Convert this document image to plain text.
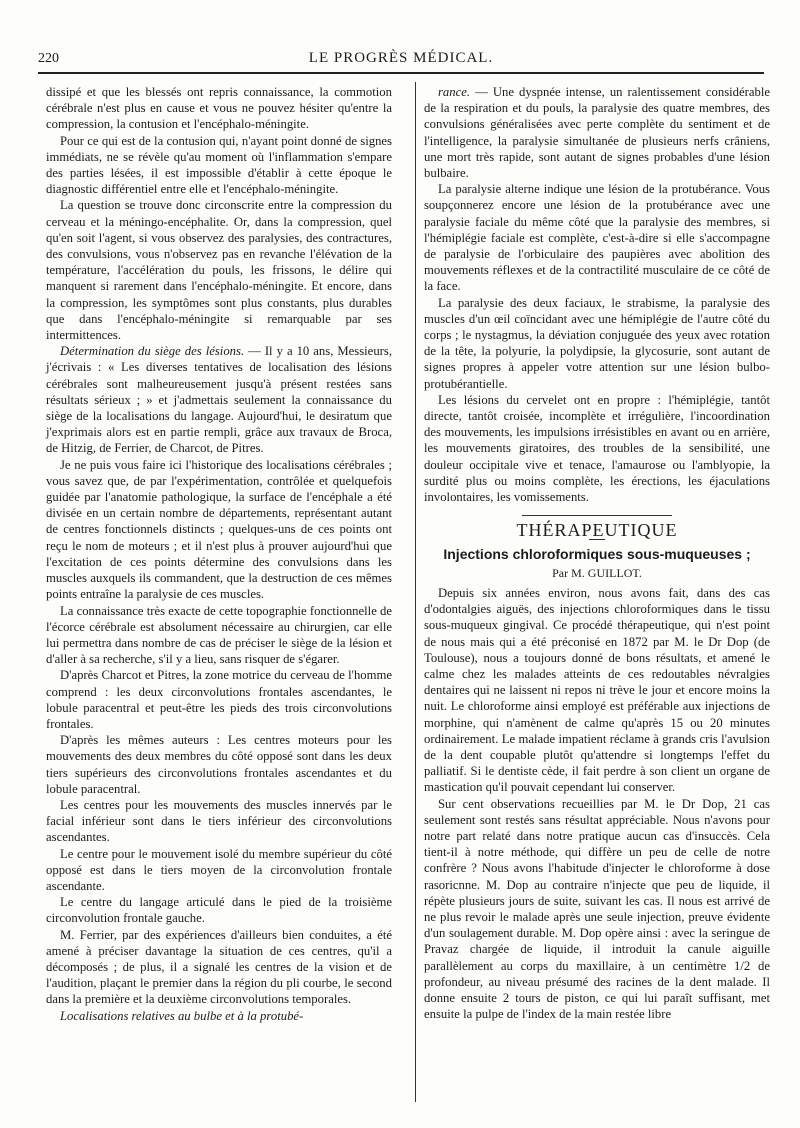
220	LE PROGRÈS MÉDICAL.

dissipé et que les blessés ont repris connaissance, la commotion cérébrale n'est plus en cause et vous ne pouvez hésiter qu'entre la compression, la contusion et l'encéphalo-méningite.

Pour ce qui est de la contusion qui, n'ayant point donné de signes immédiats, ne se révèle qu'au moment où l'inflammation s'empare des parties lésées, il est impossible d'établir à cette époque le diagnostic différentiel entre elle et l'encéphalo-méningite.

La question se trouve donc circonscrite entre la compression du cerveau et la méningo-encéphalite. Or, dans la compression, quel qu'en soit l'agent, si vous observez des paralysies, des contractures, des convulsions, vous n'observez pas en revanche l'élévation de la température, l'accélération du pouls, les frissons, le délire qui manquent si rarement dans l'encéphalo-méningite. Et encore, dans la compression, les symptômes sont plus constants, plus durables que dans l'encéphalo-méningite si remarquable par ses intermittences.

Détermination du siège des lésions. — Il y a 10 ans, Messieurs, j'écrivais : « Les diverses tentatives de localisation des lésions cérébrales sont malheureusement jusqu'à présent restées sans résultats sérieux ; » et j'admettais seulement la connaissance du siège de la localisations du langage. Aujourd'hui, le desiratum que j'exprimais alors est en partie rempli, grâce aux travaux de Broca, de Hitzig, de Ferrier, de Charcot, de Pitres.

Je ne puis vous faire ici l'historique des localisations cérébrales ; vous savez que, de par l'expérimentation, contrôlée et quelquefois guidée par l'anatomie pathologique, la surface de l'encéphale a été divisée en un certain nombre de départements, représentant autant de centres fonctionnels distincts ; quelques-uns de ces points ont reçu le nom de moteurs ; et il n'est plus à prouver aujourd'hui que l'excitation de ces points détermine des convulsions dans les muscles auxquels ils commandent, que la destruction de ces mêmes points entraîne la paralysie de ces muscles.

La connaissance très exacte de cette topographie fonctionnelle de l'écorce cérébrale est absolument nécessaire au chirurgien, car elle lui permettra dans nombre de cas de préciser le siège de la lésion et d'aller à sa recherche, s'il y a lieu, sans risquer de s'égarer.

D'après Charcot et Pitres, la zone motrice du cerveau de l'homme comprend : les deux circonvolutions frontales ascendantes, le lobule paracentral et peut-être les pieds des trois circonvolutions frontales.

D'après les mêmes auteurs : Les centres moteurs pour les mouvements des deux membres du côté opposé sont dans les deux tiers supérieurs des circonvolutions frontales ascendantes et du lobule paracentral.

Les centres pour les mouvements des muscles innervés par le facial inférieur sont dans le tiers inférieur des circonvolutions ascendantes.

Le centre pour le mouvement isolé du membre supérieur du côté opposé est dans le tiers moyen de la circonvolution frontale ascendante.

Le centre du langage articulé dans le pied de la troisième circonvolution frontale gauche.

M. Ferrier, par des expériences d'ailleurs bien conduites, a été amené à préciser davantage la situation de ces centres, qu'il a décomposés ; de plus, il a signalé les centres de la vision et de l'audition, plaçant le premier dans la région du pli courbe, le second dans la première et la deuxième circonvolutions temporales.

Localisations relatives au bulbe et à la protubé-

rance. — Une dyspnée intense, un ralentissement considérable de la respiration et du pouls, la paralysie des quatre membres, des convulsions généralisées avec perte complète du sentiment et de l'intelligence, la paralysie simultanée de plusieurs nerfs crâniens, une mort très rapide, sont autant de signes probables d'une lésion bulbaire.

La paralysie alterne indique une lésion de la protubérance. Vous soupçonnerez encore une lésion de la protubérance avec une paralysie faciale du même côté que la paralysie des membres, si l'hémiplégie faciale est complète, c'est-à-dire si elle s'accompagne de paralysie de l'orbiculaire des paupières avec abolition des mouvements réflexes et de la contractilité musculaire de ce côté de la face.

La paralysie des deux faciaux, le strabisme, la paralysie des muscles d'un œil coïncidant avec une hémiplégie de l'autre côté du corps ; le nystagmus, la déviation conjuguée des yeux avec rotation de la tête, la polyurie, la polydipsie, la glycosurie, sont autant de signes propres à appeler votre attention sur une lésion bulbo-protubérantielle.

Les lésions du cervelet ont en propre : l'hémiplégie, tantôt directe, tantôt croisée, incomplète et irrégulière, l'incoordination des mouvements, les impulsions irrésistibles en avant ou en arrière, les mouvements giratoires, des troubles de la sensibilité, une douleur occipitale vive et tenace, l'amaurose ou l'amblyopie, la surdité plus ou moins complète, les érections, les éjaculations involontaires, les vomissements.

THÉRAPEUTIQUE
Injections chloroformiques sous-muqueuses ;
Par M. GUILLOT.

Depuis six années environ, nous avons fait, dans des cas d'odontalgies aiguës, des injections chloroformiques dans le tissu sous-muqueux gingival. Ce procédé thérapeutique, qui n'est point de nous mais qui a été préconisé en 1872 par M. le Dr Dop (de Toulouse), nous a toujours donné de bons résultats, et amené le calme chez les malades atteints de ces redoutables névralgies dentaires qui ne laissent ni repos ni trève le jour et encore moins la nuit. Le chloroforme ainsi employé est préférable aux injections de morphine, qui n'amènent de calme qu'après 15 ou 20 minutes ordinairement. Le malade impatient réclame à grands cris l'avulsion de la dent coupable plutôt qu'attendre si longtemps l'effet du palliatif. Si le dentiste cède, il fait perdre à son client un organe de mastication qu'il pouvait cependant lui conserver.

Sur cent observations recueillies par M. le Dr Dop, 21 cas seulement sont restés sans résultat appréciable. Nous n'avons pour notre part relaté dans notre pratique aucun cas d'insuccès. Cela tient-il à notre méthode, qui diffère un peu de celle de notre confrère ? Nous avons l'habitude d'injecter le chloroforme à dose rasoricnne. M. Dop au contraire n'injecte que peu de liquide, il répète plusieurs jours de suite, suivant les cas. Il nous est arrivé de ne plus revoir le malade après une seule injection, preuve évidente d'un soulagement durable. M. Dop opère ainsi : avec la seringue de Pravaz chargée de liquide, il introduit la canule aiguille parallèlement au corps du maxillaire, à un centimètre 1/2 de profondeur, au niveau présumé des racines de la dent malade. Il donne ensuite 2 tours de piston, ce qui lui paraît suffisant, met ensuite la pulpe de l'index de la main restée libre
